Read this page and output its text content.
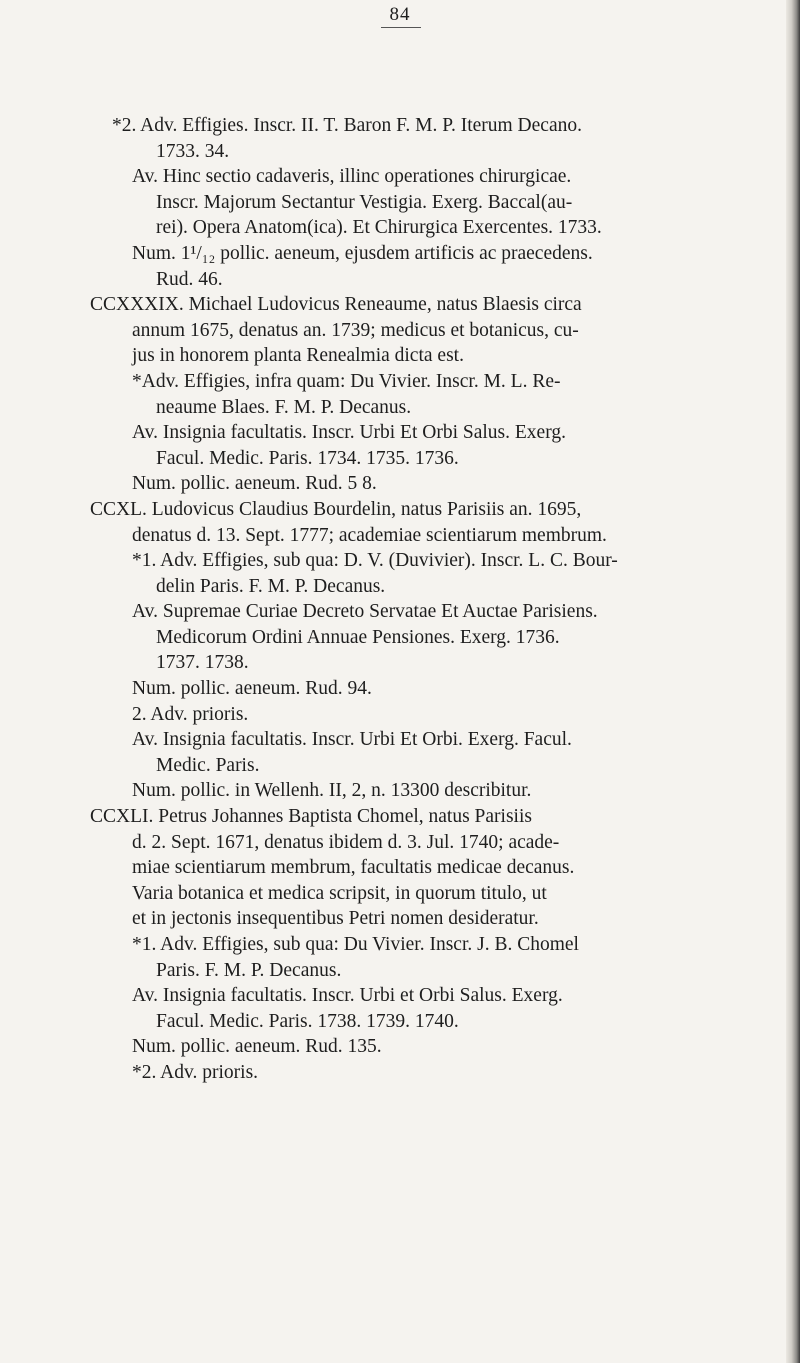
84
*2. Adv. Effigies. Inscr. II. T. Baron F. M. P. Iterum Decano.
1733. 34.
Av. Hinc sectio cadaveris, illinc operationes chirurgicae.
Inscr. Majorum Sectantur Vestigia. Exerg. Baccal(au-
rei). Opera Anatom(ica). Et Chirurgica Exercentes. 1733.
Num. 1¹/₁₂ pollic. aeneum, ejusdem artificis ac praecedens.
Rud. 46.
CCXXXIX. Michael Ludovicus Reneaume, natus Blaesis circa
annum 1675, denatus an. 1739; medicus et botanicus, cu-
jus in honorem planta Renealmia dicta est.
*Adv. Effigies, infra quam: Du Vivier. Inscr. M. L. Re-
neaume Blaes. F. M. P. Decanus.
Av. Insignia facultatis. Inscr. Urbi Et Orbi Salus. Exerg.
Facul. Medic. Paris. 1734. 1735. 1736.
Num. pollic. aeneum. Rud. 5 8.
CCXL. Ludovicus Claudius Bourdelin, natus Parisiis an. 1695,
denatus d. 13. Sept. 1777; academiae scientiarum membrum.
*1. Adv. Effigies, sub qua: D. V. (Duvivier). Inscr. L. C. Bour-
delin Paris. F. M. P. Decanus.
Av. Supremae Curiae Decreto Servatae Et Auctae Parisiens.
Medicorum Ordini Annuae Pensiones. Exerg. 1736.
1737. 1738.
Num. pollic. aeneum. Rud. 94.
2. Adv. prioris.
Av. Insignia facultatis. Inscr. Urbi Et Orbi. Exerg. Facul.
Medic. Paris.
Num. pollic. in Wellenh. II, 2, n. 13300 describitur.
CCXLI. Petrus Johannes Baptista Chomel, natus Parisiis
d. 2. Sept. 1671, denatus ibidem d. 3. Jul. 1740; acade-
miae scientiarum membrum, facultatis medicae decanus.
Varia botanica et medica scripsit, in quorum titulo, ut
et in jectonis insequentibus Petri nomen desideratur.
*1. Adv. Effigies, sub qua: Du Vivier. Inscr. J. B. Chomel
Paris. F. M. P. Decanus.
Av. Insignia facultatis. Inscr. Urbi et Orbi Salus. Exerg.
Facul. Medic. Paris. 1738. 1739. 1740.
Num. pollic. aeneum. Rud. 135.
*2. Adv. prioris.
